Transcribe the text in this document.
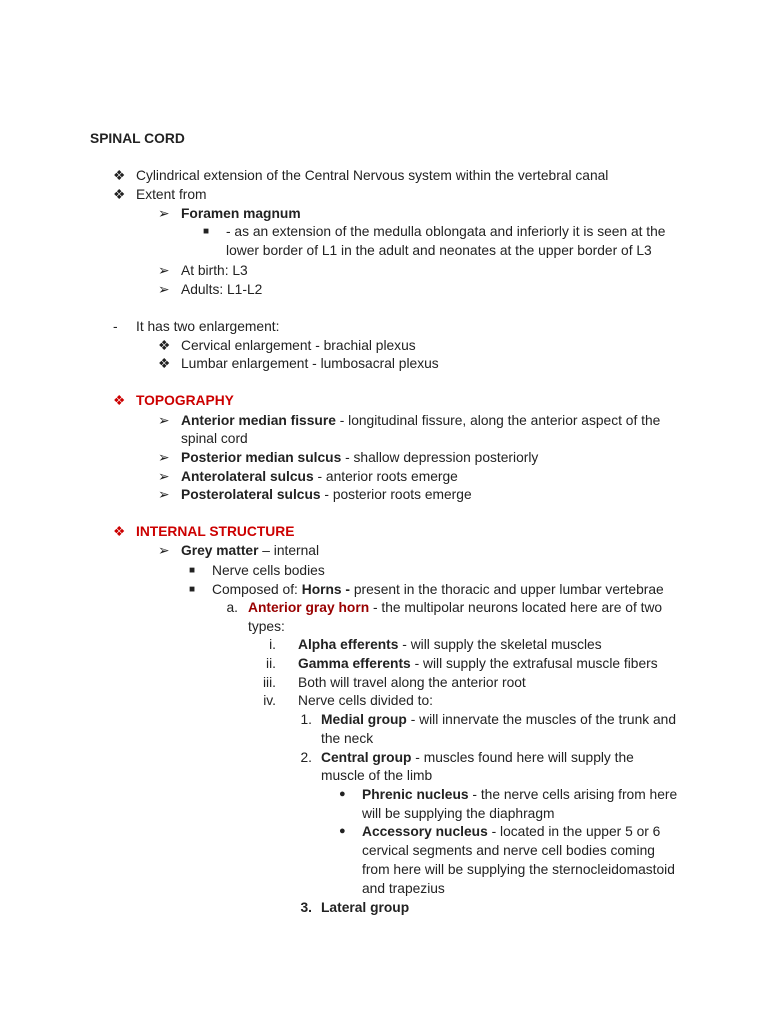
SPINAL CORD
❖ Cylindrical extension of the Central Nervous system within the vertebral canal
❖ Extent from
➢ Foramen magnum
■ - as an extension of the medulla oblongata and inferiorly it is seen at the
lower border of L1 in the adult and neonates at the upper border of L3
➢ At birth: L3
➢ Adults: L1-L2
- It has two enlargement:
❖ Cervical enlargement - brachial plexus
❖ Lumbar enlargement - lumbosacral plexus
❖ TOPOGRAPHY
➢ Anterior median fissure - longitudinal fissure, along the anterior aspect of the
spinal cord
➢ Posterior median sulcus - shallow depression posteriorly
➢ Anterolateral sulcus - anterior roots emerge
➢ Posterolateral sulcus - posterior roots emerge
❖ INTERNAL STRUCTURE
➢ Grey matter – internal
■ Nerve cells bodies
■ Composed of: Horns - present in the thoracic and upper lumbar vertebrae
a. Anterior gray horn - the multipolar neurons located here are of two
types:
i. Alpha efferents - will supply the skeletal muscles
ii. Gamma efferents - will supply the extrafusal muscle fibers
iii. Both will travel along the anterior root
iv. Nerve cells divided to:
1. Medial group - will innervate the muscles of the trunk and
the neck
2. Central group - muscles found here will supply the
muscle of the limb
● Phrenic nucleus - the nerve cells arising from here
will be supplying the diaphragm
● Accessory nucleus - located in the upper 5 or 6
cervical segments and nerve cell bodies coming
from here will be supplying the sternocleidomastoid
and trapezius
3. Lateral group
